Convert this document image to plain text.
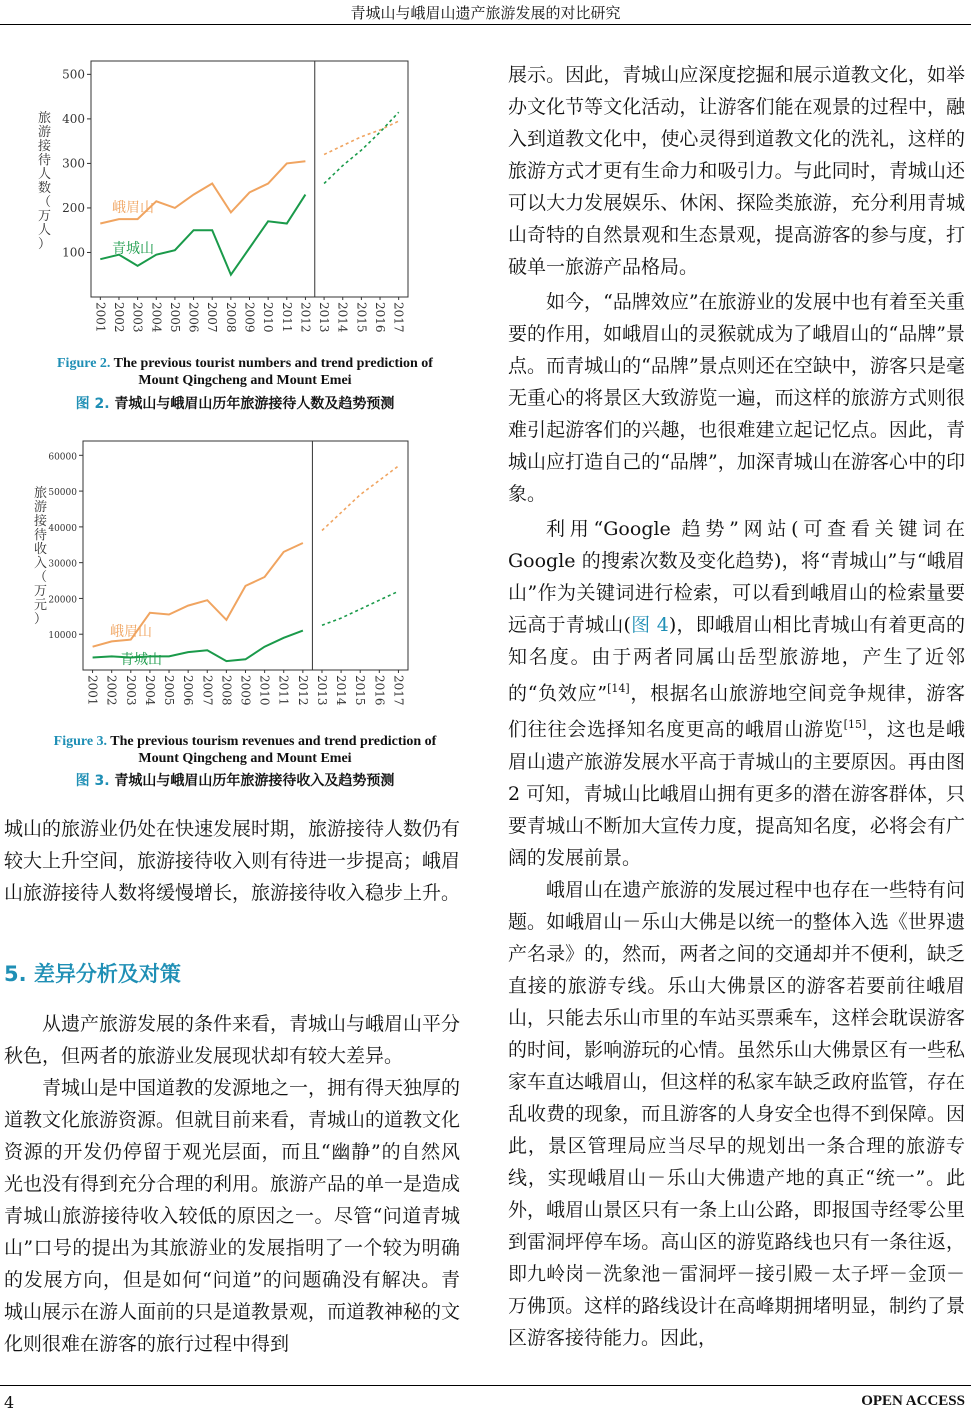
青城山与峨眉山遗产旅游发展的对比研究
4	OPEN ACCESS
100
200
300
400
500
2001 2002 2003 2004 2005 2006 2007 2008 2009 2010 2011 2012 2013 2014 2015 2016 2017
旅游接待人数（万人）
峨眉山
青城山
Figure 2. The previous tourist numbers and trend prediction of
Mount Qingcheng and Mount Emei
图 2. 青城山与峨眉山历年旅游接待人数及趋势预测
10000
20000
30000
40000
50000
60000
2001 2002 2003 2004 2005 2006 2007 2008 2009 2010 2011 2012 2013 2014 2015 2016 2017
旅游接待收入（万元）
峨眉山
青城山
Figure 3. The previous tourism revenues and trend prediction of
Mount Qingcheng and Mount Emei
图 3. 青城山与峨眉山历年旅游接待收入及趋势预测
城山的旅游业仍处在快速发展时期，旅游接待人数仍有较大上升空间，旅游接待收入则有待进一步提高；峨眉山旅游接待人数将缓慢增长，旅游接待收入稳步上升。
5. 差异分析及对策
从遗产旅游发展的条件来看，青城山与峨眉山平分秋色，但两者的旅游业发展现状却有较大差异。
青城山是中国道教的发源地之一，拥有得天独厚的道教文化旅游资源。但就目前来看，青城山的道教文化资源的开发仍停留于观光层面，而且“幽静”的自然风光也没有得到充分合理的利用。旅游产品的单一是造成青城山旅游接待收入较低的原因之一。尽管“问道青城山”口号的提出为其旅游业的发展指明了一个较为明确的发展方向，但是如何“问道”的问题确没有解决。青城山展示在游人面前的只是道教景观，而道教神秘的文化则很难在游客的旅行过程中得到
展示。因此，青城山应深度挖掘和展示道教文化，如举办文化节等文化活动，让游客们能在观景的过程中，融入到道教文化中，使心灵得到道教文化的洗礼，这样的旅游方式才更有生命力和吸引力。与此同时，青城山还可以大力发展娱乐、休闲、探险类旅游，充分利用青城山奇特的自然景观和生态景观，提高游客的参与度，打破单一旅游产品格局。
如今，“品牌效应”在旅游业的发展中也有着至关重要的作用，如峨眉山的灵猴就成为了峨眉山的“品牌”景点。而青城山的“品牌”景点则还在空缺中，游客只是毫无重心的将景区大致游览一遍，而这样的旅游方式则很难引起游客们的兴趣，也很难建立起记忆点。因此，青城山应打造自己的“品牌”，加深青城山在游客心中的印象。
利用“Google 趋势”网站(可查看关键词在 Google 的搜索次数及变化趋势)，将“青城山”与“峨眉山”作为关键词进行检索，可以看到峨眉山的检索量要远高于青城山(图 4)，即峨眉山相比青城山有着更高的知名度。由于两者同属山岳型旅游地，产生了近邻的“负效应”[14]，根据名山旅游地空间竞争规律，游客们往往会选择知名度更高的峨眉山游览[15]，这也是峨眉山遗产旅游发展水平高于青城山的主要原因。再由图 2 可知，青城山比峨眉山拥有更多的潜在游客群体，只要青城山不断加大宣传力度，提高知名度，必将会有广阔的发展前景。
峨眉山在遗产旅游的发展过程中也存在一些特有问题。如峨眉山－乐山大佛是以统一的整体入选《世界遗产名录》的，然而，两者之间的交通却并不便利，缺乏直接的旅游专线。乐山大佛景区的游客若要前往峨眉山，只能去乐山市里的车站买票乘车，这样会耽误游客的时间，影响游玩的心情。虽然乐山大佛景区有一些私家车直达峨眉山，但这样的私家车缺乏政府监管，存在乱收费的现象，而且游客的人身安全也得不到保障。因此，景区管理局应当尽早的规划出一条合理的旅游专线，实现峨眉山－乐山大佛遗产地的真正“统一”。此外，峨眉山景区只有一条上山公路，即报国寺经零公里到雷洞坪停车场。高山区的游览路线也只有一条往返，即九岭岗－洗象池－雷洞坪－接引殿－太子坪－金顶－万佛顶。这样的路线设计在高峰期拥堵明显，制约了景区游客接待能力。因此，
